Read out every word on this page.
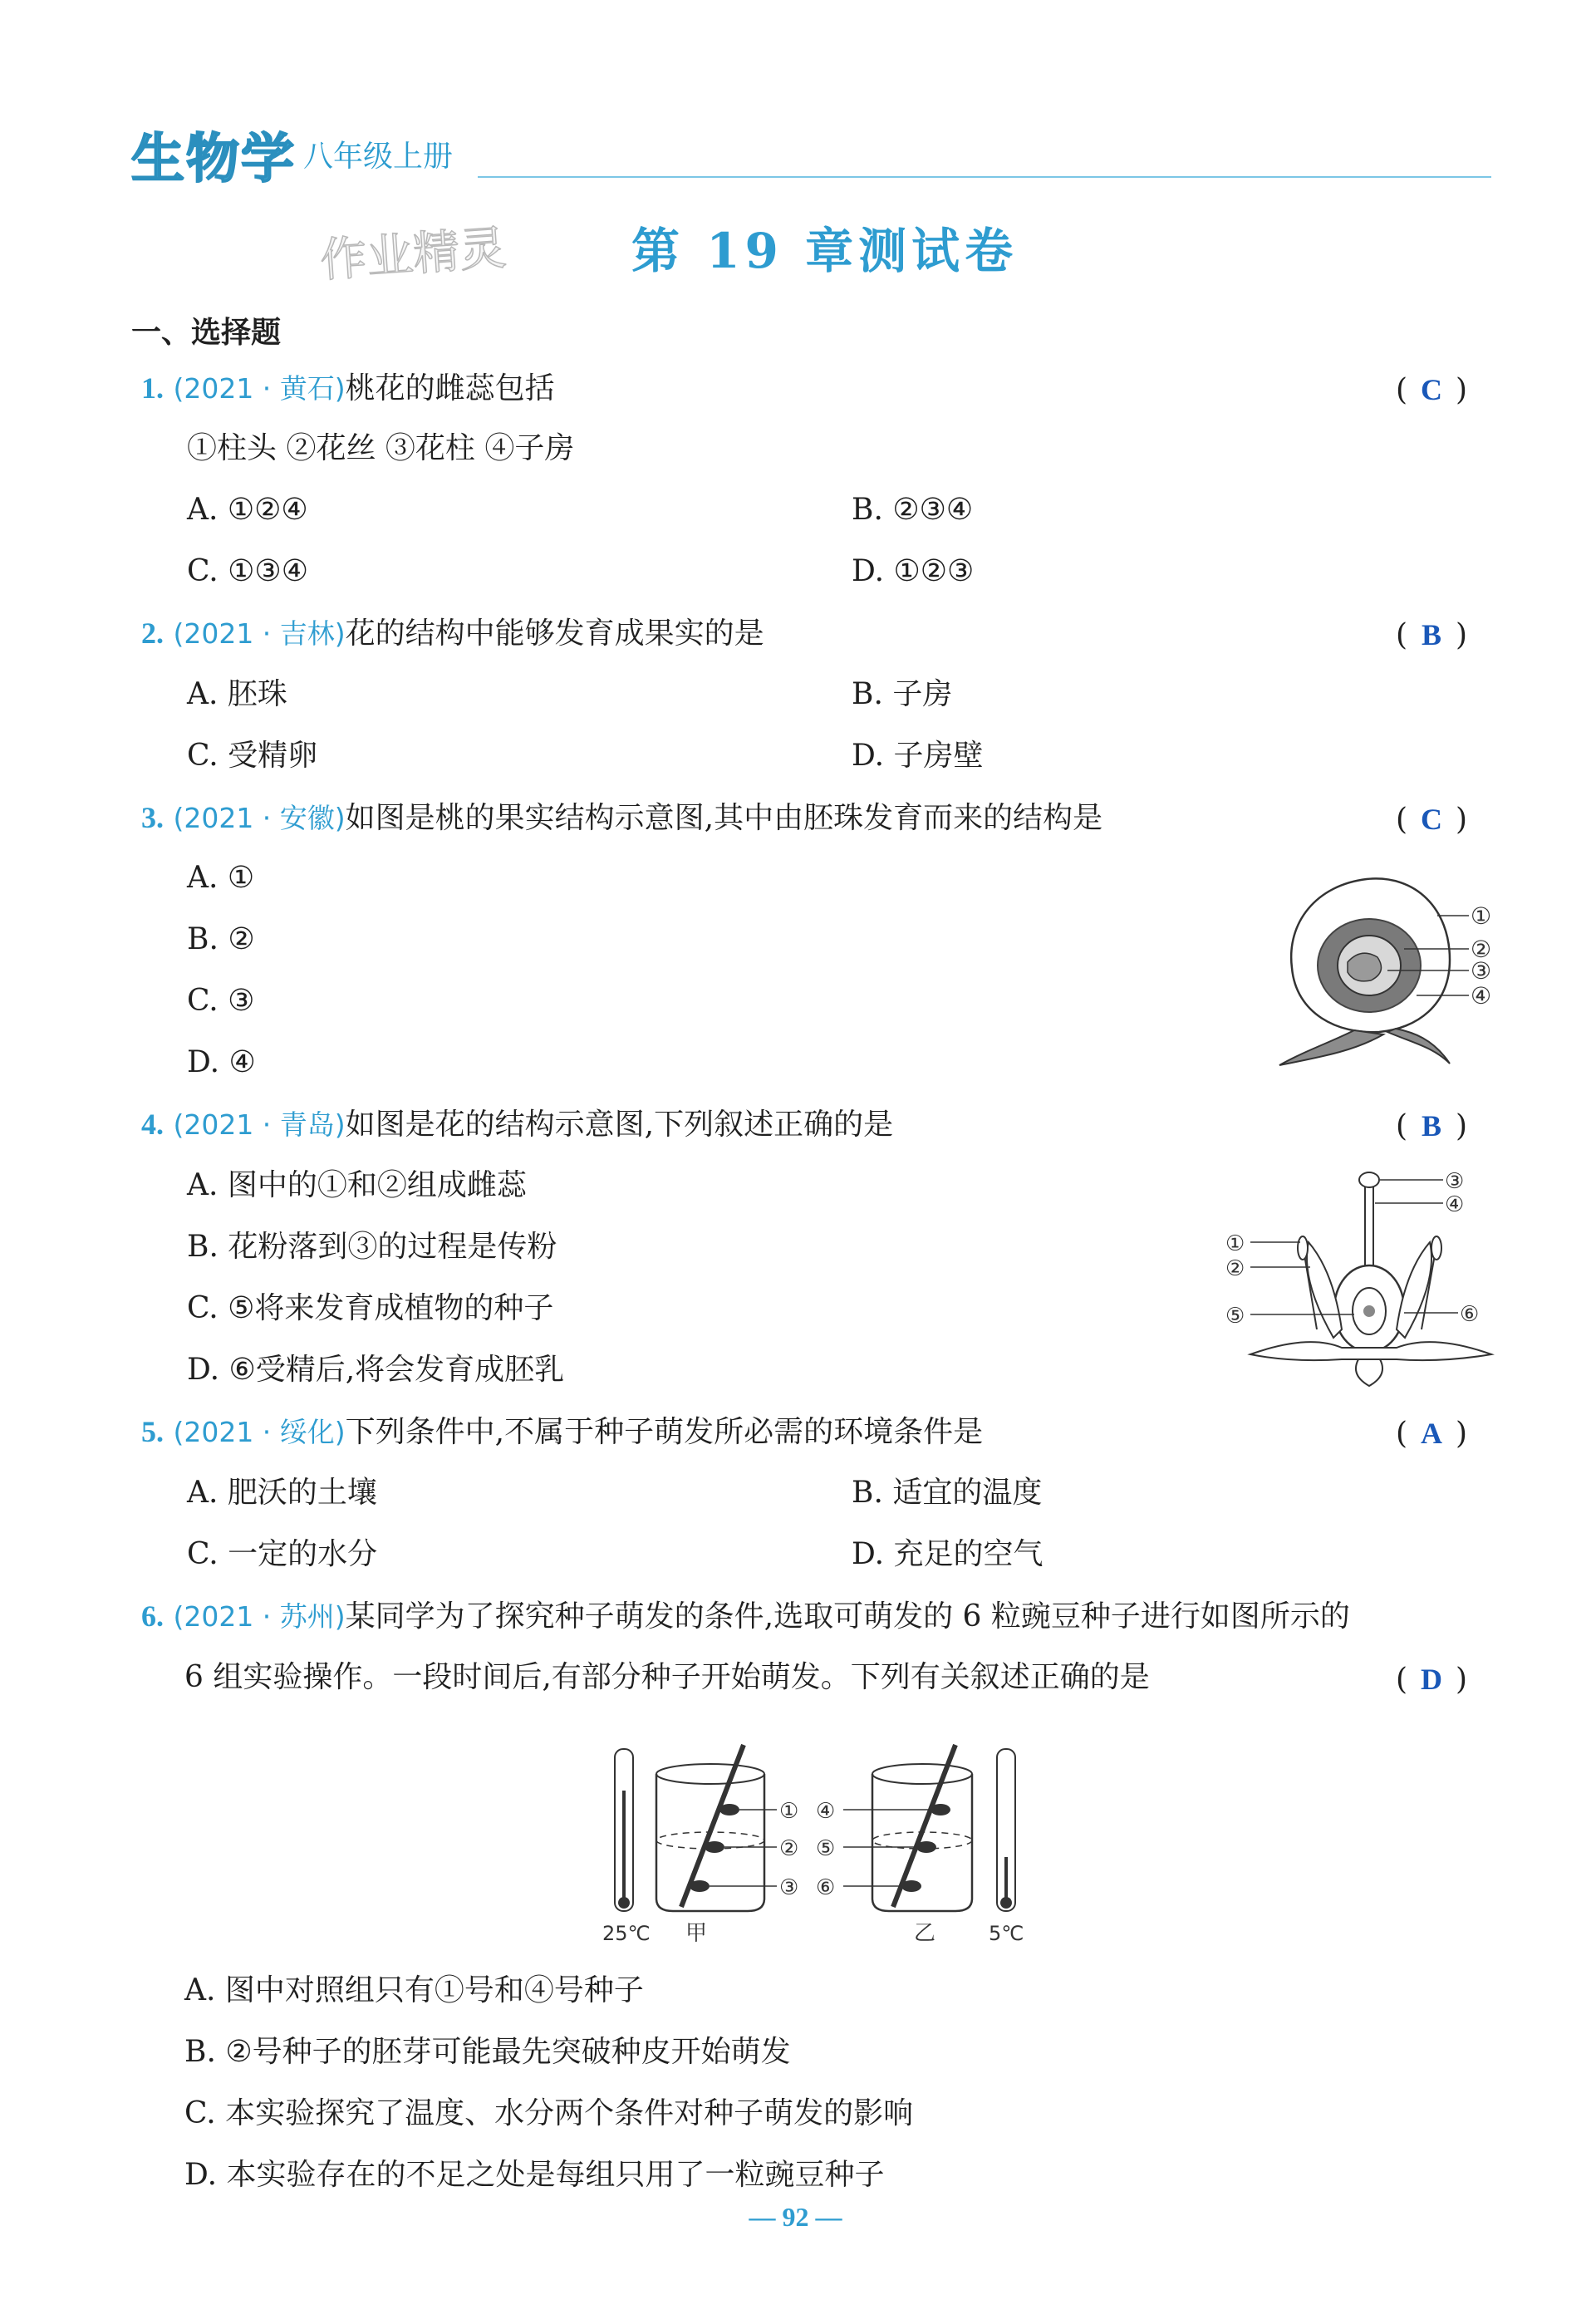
生物学 八年级上册
作业精灵	第 19 章测试卷
一、选择题
1. (2021 · 黄石)桃花的雌蕊包括	( C )
①柱头 ②花丝 ③花柱 ④子房
A. ①②④	B. ②③④
C. ①③④	D. ①②③
2. (2021 · 吉林)花的结构中能够发育成果实的是	( B )
A. 胚珠	B. 子房
C. 受精卵	D. 子房壁
3. (2021 · 安徽)如图是桃的果实结构示意图,其中由胚珠发育而来的结构是	( C )
A. ①
B. ②
C. ③
D. ④
①
②
③
④
4. (2021 · 青岛)如图是花的结构示意图,下列叙述正确的是	( B )
A. 图中的①和②组成雌蕊
B. 花粉落到③的过程是传粉
C. ⑤将来发育成植物的种子
D. ⑥受精后,将会发育成胚乳
③
④
①
②
⑤	⑥
5. (2021 · 绥化)下列条件中,不属于种子萌发所必需的环境条件是	( A )
A. 肥沃的土壤	B. 适宜的温度
C. 一定的水分	D. 充足的空气
6. (2021 · 苏州)某同学为了探究种子萌发的条件,选取可萌发的 6 粒豌豆种子进行如图所示的
6 组实验操作。一段时间后,有部分种子开始萌发。下列有关叙述正确的是	( D )
①
②
③
④
⑤
⑥
25℃ 甲	乙	5℃
A. 图中对照组只有①号和④号种子
B. ②号种子的胚芽可能最先突破种皮开始萌发
C. 本实验探究了温度、水分两个条件对种子萌发的影响
D. 本实验存在的不足之处是每组只用了一粒豌豆种子
— 92 —
